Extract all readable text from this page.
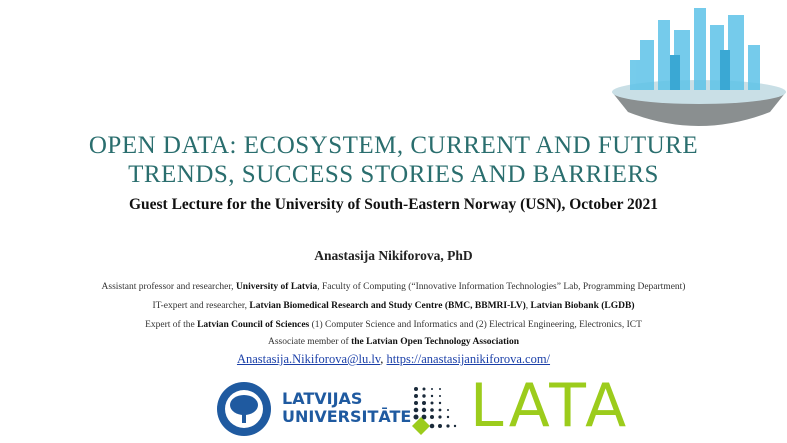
OPEN DATA: ECOSYSTEM, CURRENT AND FUTURE
TRENDS, SUCCESS STORIES AND BARRIERS
Guest Lecture for the University of South-Eastern Norway (USN), October 2021
Anastasija Nikiforova, PhD
Assistant professor and researcher, University of Latvia, Faculty of Computing (“Innovative Information Technologies” Lab, Programming Department)
IT-expert and researcher, Latvian Biomedical Research and Study Centre (BMC, BBMRI-LV), Latvian Biobank (LGDB)
Expert of the Latvian Council of Sciences (1) Computer Science and Informatics and (2) Electrical Engineering, Electronics, ICT
Associate member of the Latvian Open Technology Association
Anastasija.Nikiforova@lu.lv, https://anastasijanikiforova.com/
LATVIJAS
UNIVERSITĀTE LATA
